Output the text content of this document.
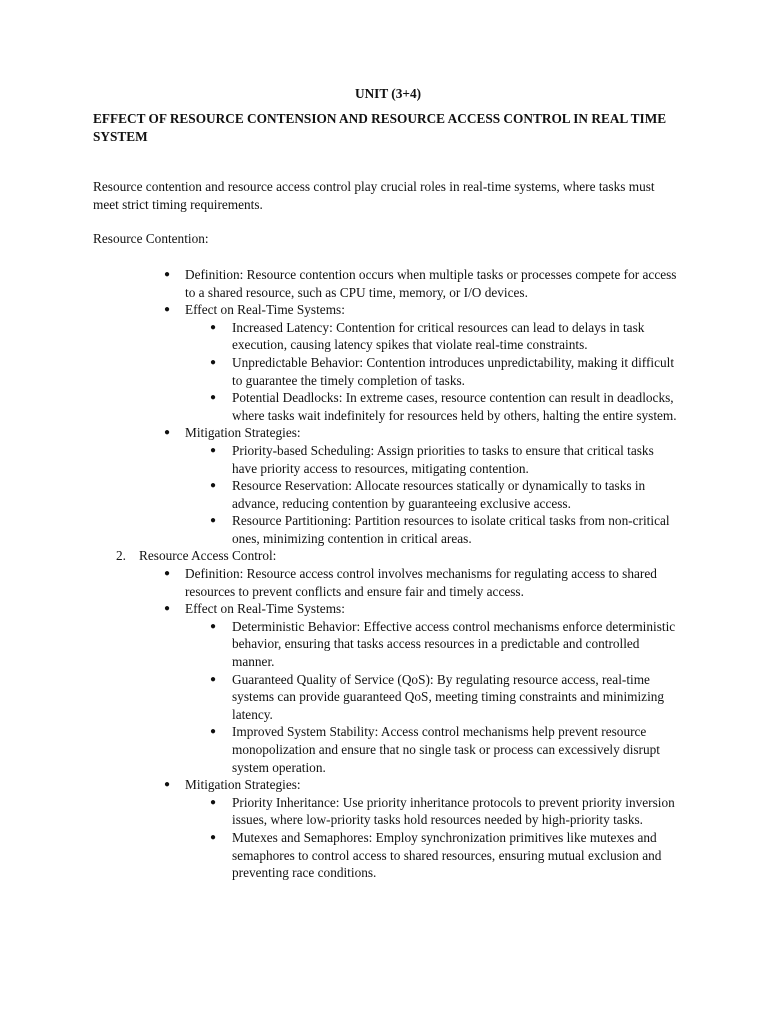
UNIT (3+4)
EFFECT OF RESOURCE CONTENSION AND RESOURCE ACCESS CONTROL IN REAL TIME SYSTEM
Resource contention and resource access control play crucial roles in real-time systems, where tasks must meet strict timing requirements.
Resource Contention:
● Definition: Resource contention occurs when multiple tasks or processes compete for access to a shared resource, such as CPU time, memory, or I/O devices.
● Effect on Real-Time Systems:
● Increased Latency: Contention for critical resources can lead to delays in task execution, causing latency spikes that violate real-time constraints.
● Unpredictable Behavior: Contention introduces unpredictability, making it difficult to guarantee the timely completion of tasks.
● Potential Deadlocks: In extreme cases, resource contention can result in deadlocks, where tasks wait indefinitely for resources held by others, halting the entire system.
● Mitigation Strategies:
● Priority-based Scheduling: Assign priorities to tasks to ensure that critical tasks have priority access to resources, mitigating contention.
● Resource Reservation: Allocate resources statically or dynamically to tasks in advance, reducing contention by guaranteeing exclusive access.
● Resource Partitioning: Partition resources to isolate critical tasks from non-critical ones, minimizing contention in critical areas.
2. Resource Access Control:
● Definition: Resource access control involves mechanisms for regulating access to shared resources to prevent conflicts and ensure fair and timely access.
● Effect on Real-Time Systems:
● Deterministic Behavior: Effective access control mechanisms enforce deterministic behavior, ensuring that tasks access resources in a predictable and controlled manner.
● Guaranteed Quality of Service (QoS): By regulating resource access, real-time systems can provide guaranteed QoS, meeting timing constraints and minimizing latency.
● Improved System Stability: Access control mechanisms help prevent resource monopolization and ensure that no single task or process can excessively disrupt system operation.
● Mitigation Strategies:
● Priority Inheritance: Use priority inheritance protocols to prevent priority inversion issues, where low-priority tasks hold resources needed by high-priority tasks.
● Mutexes and Semaphores: Employ synchronization primitives like mutexes and semaphores to control access to shared resources, ensuring mutual exclusion and preventing race conditions.
